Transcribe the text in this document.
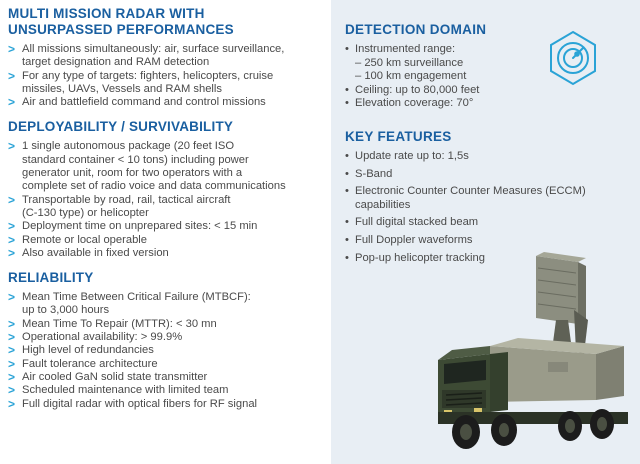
MULTI MISSION RADAR WITH
UNSURPASSED PERFORMANCES
> All missions simultaneously: air, surface surveillance,
target designation and RAM detection
> For any type of targets: fighters, helicopters, cruise
missiles, UAVs, Vessels and RAM shells
> Air and battlefield command and control missions
DEPLOYABILITY / SURVIVABILITY
> 1 single autonomous package (20 feet ISO
standard container < 10 tons) including power
generator unit, room for two operators with a
complete set of radio voice and data communications
> Transportable by road, rail, tactical aircraft
(C-130 type) or helicopter
> Deployment time on unprepared sites: < 15 min
> Remote or local operable
> Also available in fixed version
RELIABILITY
> Mean Time Between Critical Failure (MTBCF):
up to 3,000 hours
> Mean Time To Repair (MTTR): < 30 mn
> Operational availability: > 99.9%
> High level of redundancies
> Fault tolerance architecture
> Air cooled GaN solid state transmitter
> Scheduled maintenance with limited team
> Full digital radar with optical fibers for RF signal
DETECTION DOMAIN
• Instrumented range:
– 250 km surveillance
– 100 km engagement
• Ceiling: up to 80,000 feet
• Elevation coverage: 70°
KEY FEATURES
• Update rate up to: 1,5s
• S-Band
• Electronic Counter Counter Measures (ECCM)
capabilities
• Full digital stacked beam
• Full Doppler waveforms
• Pop-up helicopter tracking
